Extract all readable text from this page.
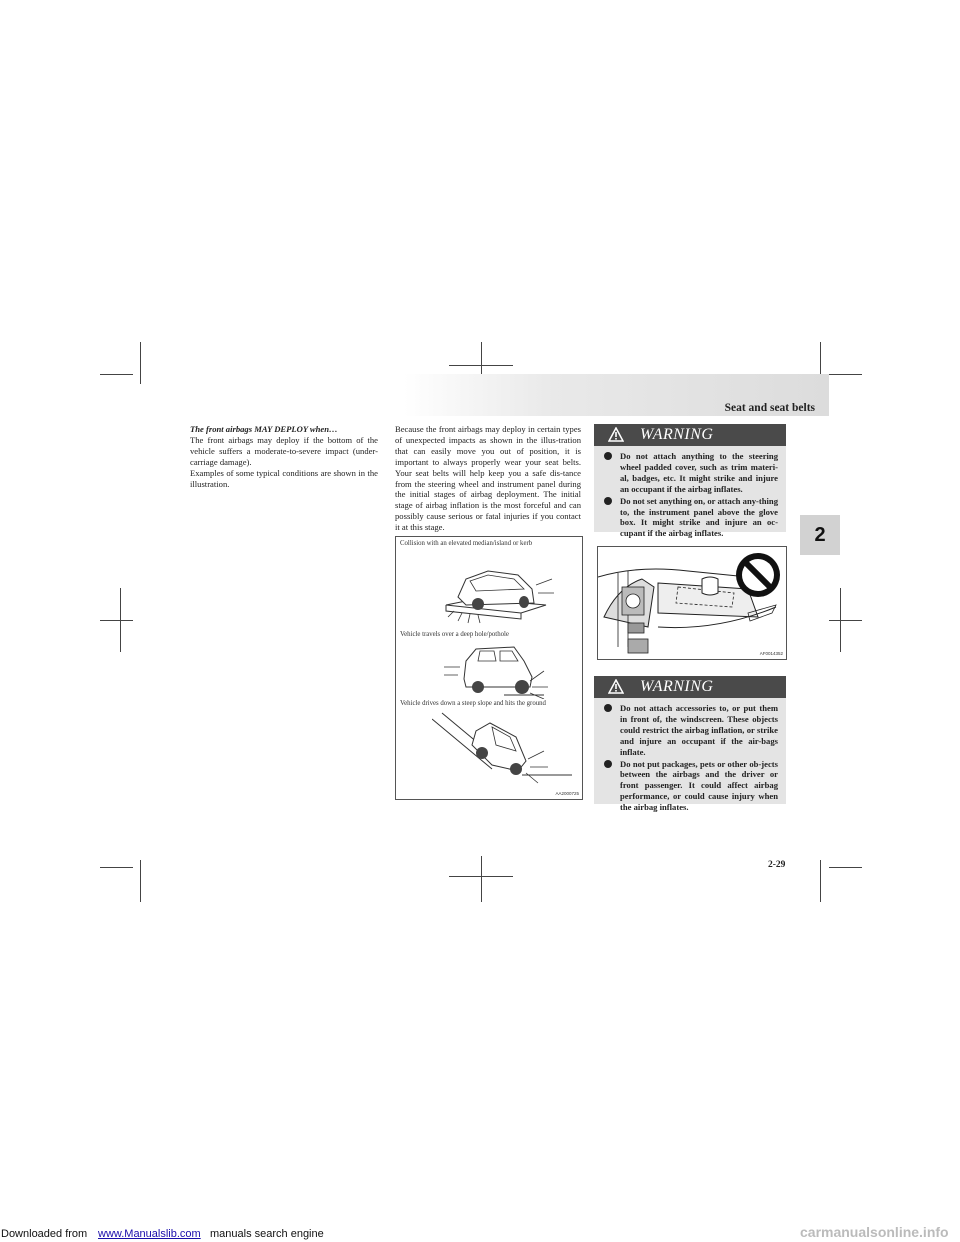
Seat and seat belts
2

The front airbags MAY DEPLOY when…

The front airbags may deploy if the bottom of the vehicle suffers a moderate-to-severe impact (under-carriage damage).

Examples of some typical conditions are shown in the illustration.

Because the front airbags may deploy in certain types of unexpected impacts as shown in the illus-tration that can easily move you out of position, it is important to always properly wear your seat belts. Your seat belts will help keep you a safe dis-tance from the steering wheel and instrument panel during the initial stages of airbag deployment. The initial stage of airbag inflation is the most forceful and can possibly cause serious or fatal injuries if you contact it at this stage.

Collision with an elevated median/island or kerb
Vehicle travels over a deep hole/pothole
Vehicle drives down a steep slope and hits the ground
AA2000725
WARNING
Do not attach anything to the steering wheel padded cover, such as trim materi-al, badges, etc. It might strike and injure an occupant if the airbag inflates.
Do not set anything on, or attach any-thing to, the instrument panel above the glove box. It might strike and injure an oc-cupant if the airbag inflates.
AF0014352
WARNING
Do not attach accessories to, or put them in front of, the windscreen. These objects could restrict the airbag inflation, or strike and injure an occupant if the air-bags inflate.
Do not put packages, pets or other ob-jects between the airbags and the driver or front passenger. It could affect airbag performance, or could cause injury when the airbag inflates.
2-29
Downloaded from www.Manualslib.com manuals search engine	carmanualsonline.info
